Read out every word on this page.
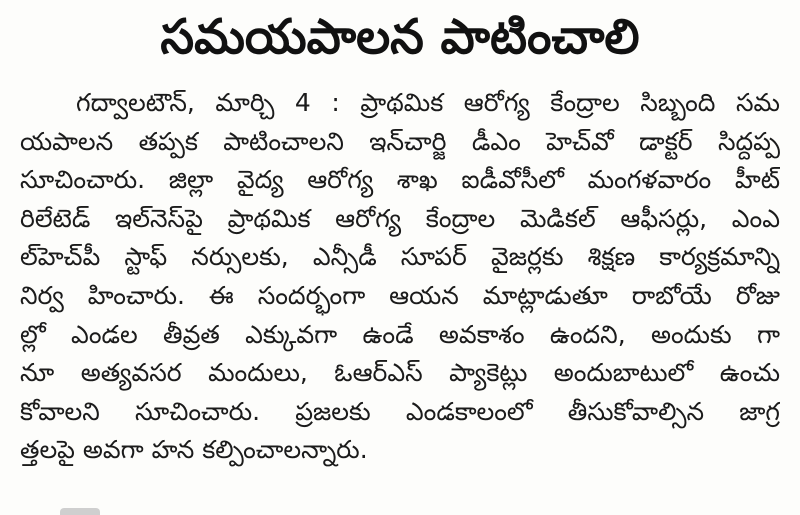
సమయపాలన పాటించాలి
గద్వాలటౌన్, మార్చి 4 : ప్రాథమిక ఆరోగ్య కేంద్రాల సిబ్బంది సమ
యపాలన తప్పక పాటించాలని ఇన్‌చార్జి డీఎం హెచ్‌వో డాక్టర్ సిద్దప్ప
సూచించారు. జిల్లా వైద్య ఆరోగ్య శాఖ ఐడీవోసీలో మంగళవారం హీట్
రిలేటెడ్ ఇల్‌నెస్‌పై ప్రాథమిక ఆరోగ్య కేంద్రాల మెడికల్ ఆఫీసర్లు, ఎంఎ
ల్‌హెచ్‌పీ స్టాఫ్ నర్సులకు, ఎన్సీడీ సూపర్ వైజర్లకు శిక్షణ కార్యక్రమాన్ని
నిర్వ హించారు. ఈ సందర్భంగా ఆయన మాట్లాడుతూ రాబోయే రోజు
ల్లో ఎండల తీవ్రత ఎక్కువగా ఉండే అవకాశం ఉందని, అందుకు గా
నూ అత్యవసర మందులు, ఓఆర్‌ఎస్ ప్యాకెట్లు అందుబాటులో ఉంచు
కోవాలని సూచించారు. ప్రజలకు ఎండకాలంలో తీసుకోవాల్సిన జాగ్ర
త్తలపై అవగా హన కల్పించాలన్నారు.
